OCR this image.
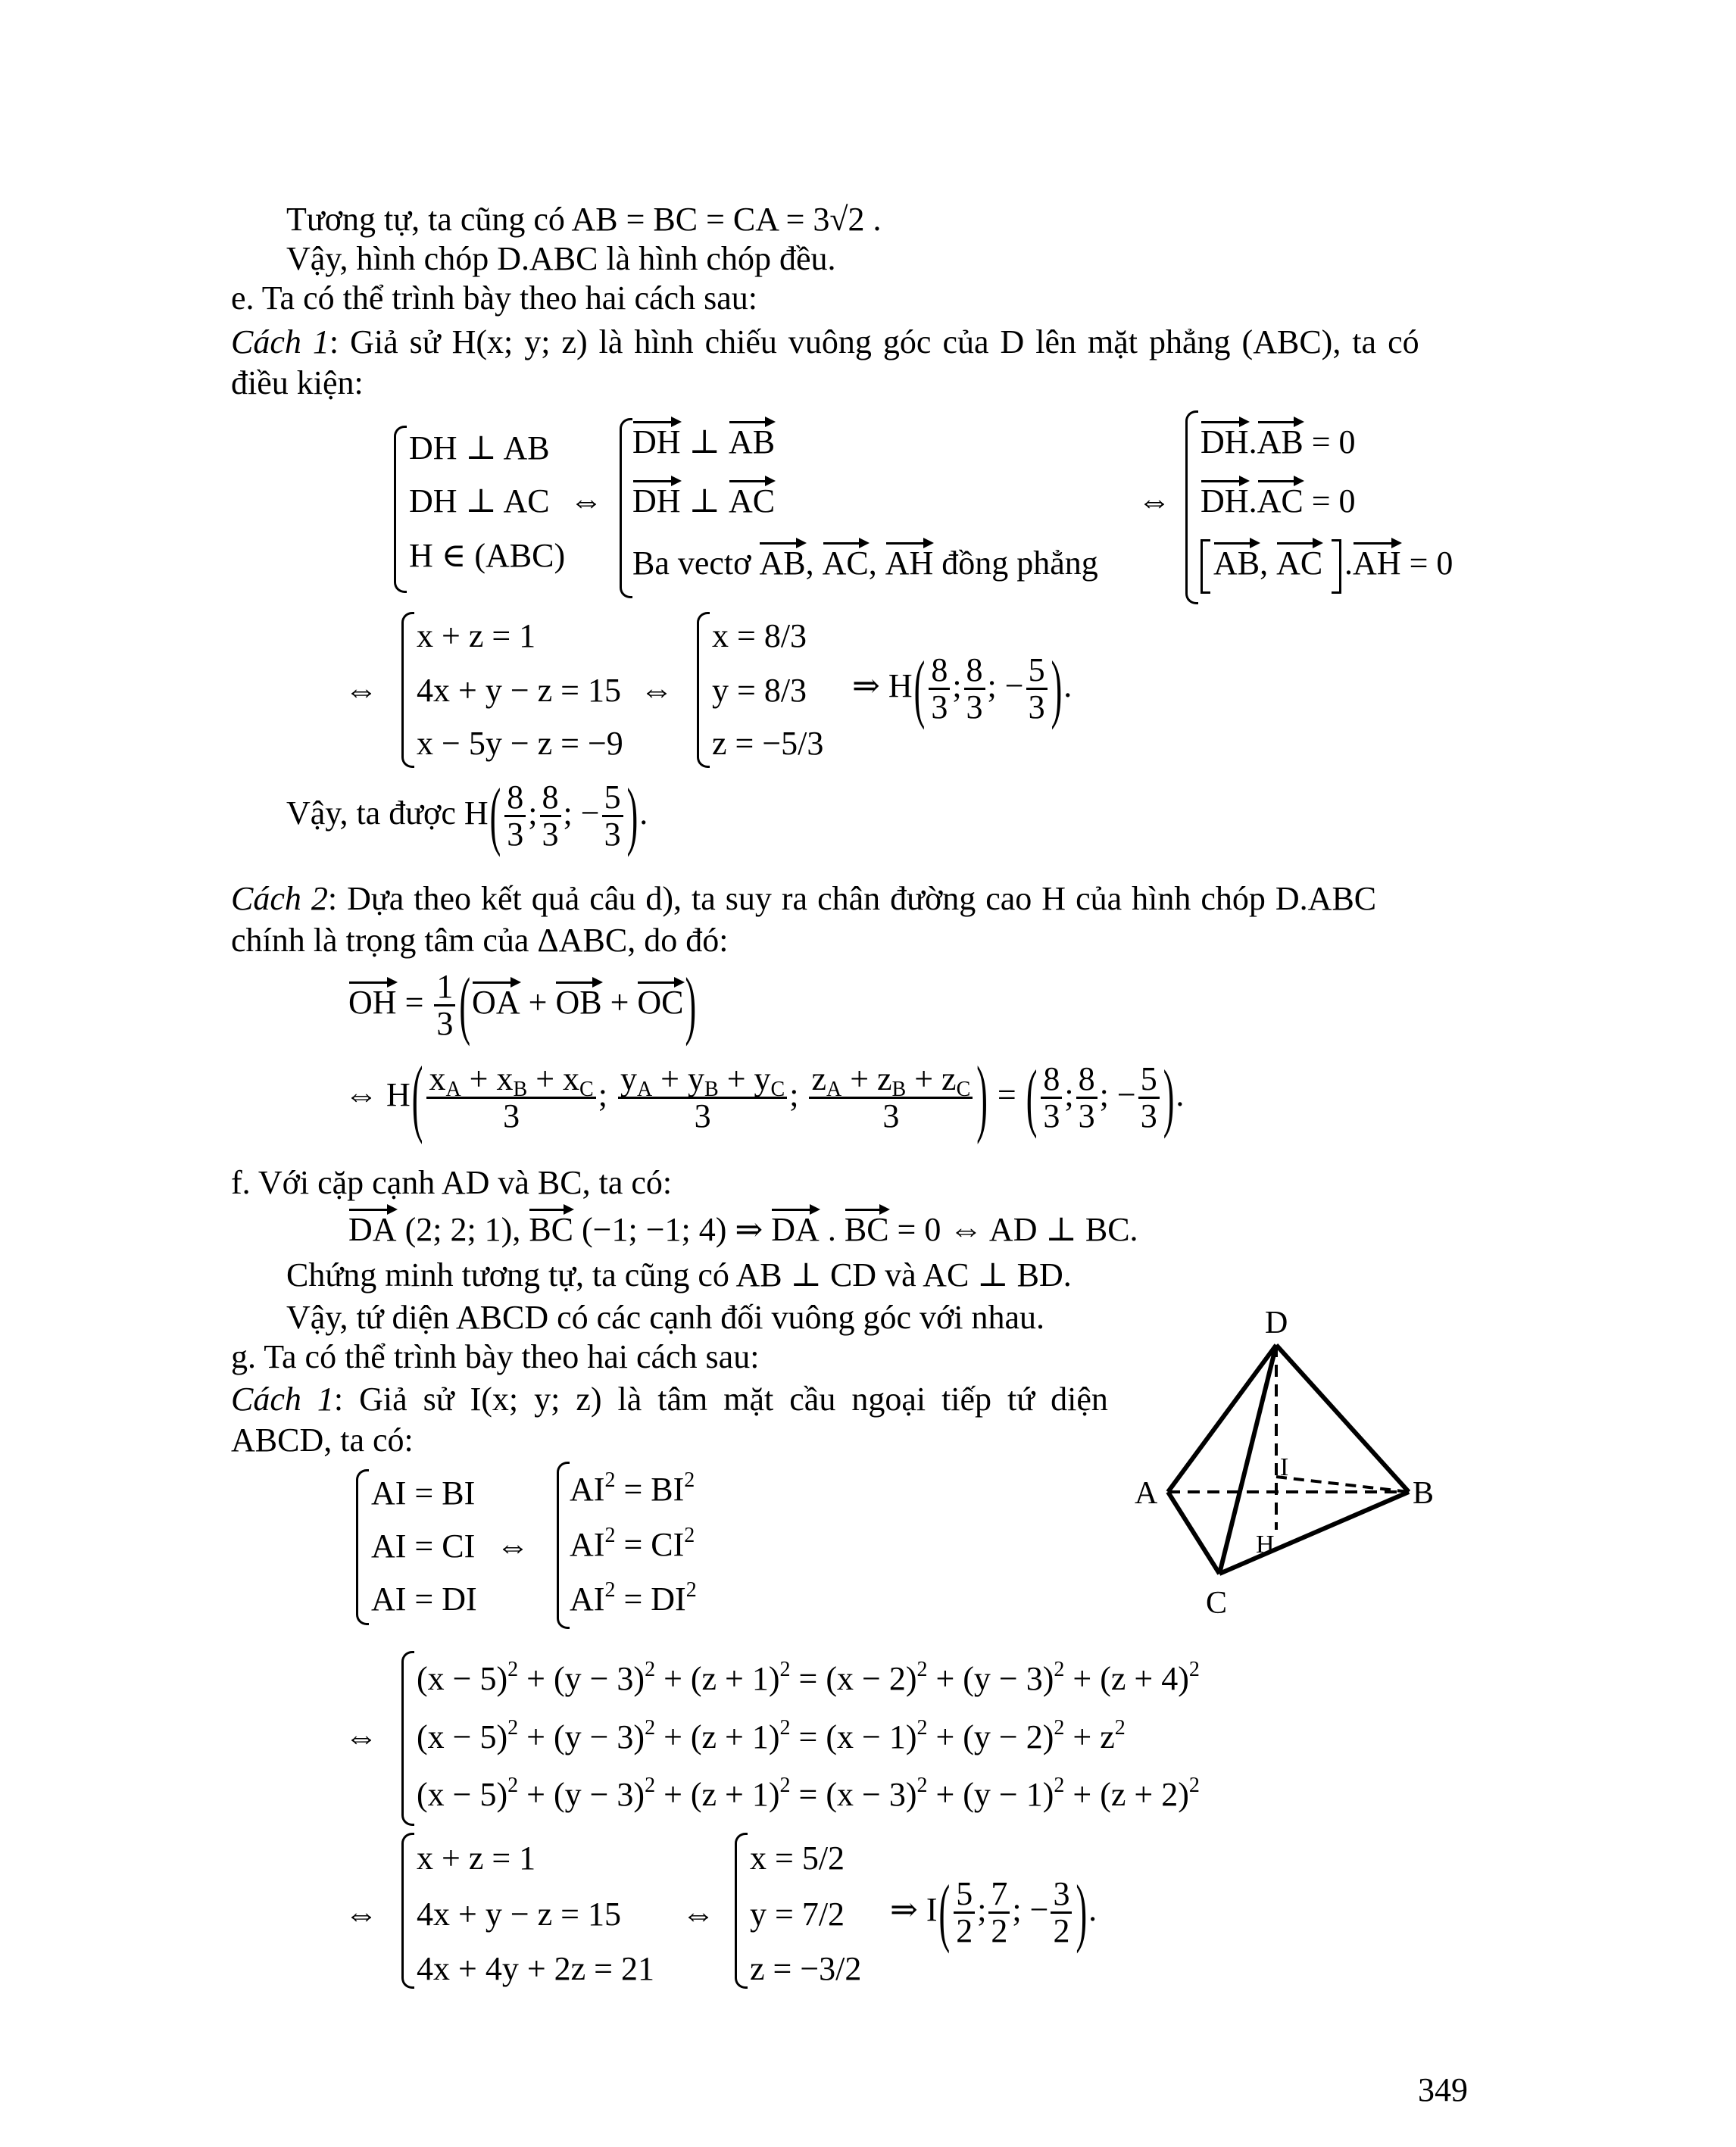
Tương tự, ta cũng có AB = BC = CA = 3√2 .
Vậy, hình chóp D.ABC là hình chóp đều.
e. Ta có thể trình bày theo hai cách sau:
Cách 1: Giả sử H(x; y; z) là hình chiếu vuông góc của D lên mặt phẳng (ABC), ta có
điều kiện:
DH ⊥ AB
DH ⊥ AC
H ∈ (ABC)
⇔
DH ⊥ AB
DH ⊥ AC
Ba vectơ AB, AC, AH đồng phẳng
⇔
DH.AB = 0
DH.AC = 0
AB, AC .AH = 0
⇔
x + z = 1
4x + y − z = 15
x − 5y − z = −9
⇔
x = 8/3
y = 8/3
z = −5/3
⇒ $H( \frac{8}{3}$ ; $\frac{8}{3}$ ; − $\frac{5}{3}$ ).
Vậy, ta được $H( \frac{8}{3}$ ; $\frac{8}{3}$ ; − $\frac{5}{3}$ ).
Cách 2: Dựa theo kết quả câu d), ta suy ra chân đường cao H của hình chóp D.ABC
chính là trọng tâm của ΔABC, do đó:
OH = $\frac{1}{3} (OA$ + OB + OC)
⇔ $H( \frac{x_A + x_B + x_C}{3}$ ; $\frac{y_A + y_B + y_C}{3}$ ; $\frac{z_A + z_B + z_C}{3}$ ) = ( $\frac{8}{3}$ ; $\frac{8}{3}$ ; − $\frac{5}{3}$ ).
f. Với cặp cạnh AD và BC, ta có:
DA (2; 2; 1), BC (−1; −1; 4) ⇒ DA . BC = 0 ⇔ AD ⊥ BC.
Chứng minh tương tự, ta cũng có AB ⊥ CD và AC ⊥ BD.
Vậy, tứ diện ABCD có các cạnh đối vuông góc với nhau.
g. Ta có thể trình bày theo hai cách sau:
Cách 1: Giả sử I(x; y; z) là tâm mặt cầu ngoại tiếp tứ diện
ABCD, ta có:
AI = BI
AI = CI
AI = DI
⇔
$AI^2 = BI^2$
$AI^2 = CI^2$
$AI^2 = DI^2$
D
A	B
C
I
H
⇔
$(x - 5)^2 + (y - 3)^2 + (z + 1)^2 = (x - 2)^2 + (y - 3)^2 + (z + 4)^2$
$(x - 5)^2 + (y - 3)^2 + (z + 1)^2 = (x - 1)^2 + (y - 2)^2 + z^2$
$(x - 5)^2 + (y - 3)^2 + (z + 1)^2 = (x - 3)^2 + (y - 1)^2 + (z + 2)^2$
⇔
x + z = 1
4x + y − z = 15
4x + 4y + 2z = 21
⇔
x = 5/2
y = 7/2
z = −3/2
⇒ $I( \frac{5}{2}$ ; $\frac{7}{2}$ ; − $\frac{3}{2}$ ).
349
